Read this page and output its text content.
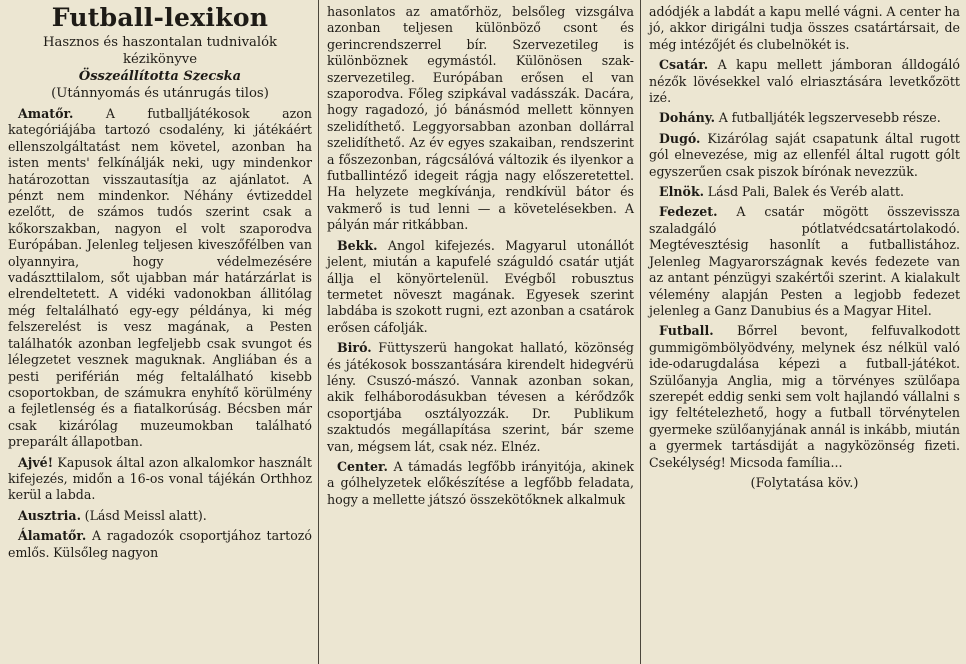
Futball-lexikon

Hasznos és haszontalan tudnivalók

kézikönyve

Összeállította Szecska

(Utánnyomás és utánrugás tilos)

Amatőr. A futballjátékosok azon kategóriájába tartozó csodalény, ki játékáért ellenszolgáltatást nem követel, azonban ha isten ments' felkínálják neki, ugy mindenkor határozottan visszautasítja az ajánlatot. A pénzt nem mindenkor. Néhány évtizeddel ezelőtt, de számos tudós szerint csak a kőkorszakban, nagyon el volt szaporodva Európában. Jelenleg teljesen kiveszőfélben van olyannyira, hogy védelmezésére vadászttilalom, sőt ujabban már határzárlat is elrendeltetett. A vidéki vadonokban állitólag még feltalálható egy-egy példánya, ki még felszerelést is vesz magának, a Pesten találhatók azonban legfeljebb csak svungot és lélegzetet vesznek maguknak. Angliában és a pesti periférián még feltalálható kisebb csoportokban, de számukra enyhítő körülmény a fejletlenség és a fiatalkorúság. Bécsben már csak kizárólag muzeumokban található preparált állapotban.

Ajvé! Kapusok által azon alkalomkor használt kifejezés, midőn a 16-os vonal tájékán Orthhoz kerül a labda.

Ausztria. (Lásd Meissl alatt).

Álamatőr. A ragadozók csoportjához tartozó emlős. Külsőleg nagyon

hasonlatos az amatőrhöz, belsőleg vizsgálva azonban teljesen különböző csont és gerincrendszerrel bír. Szervezetileg is különböznek egymástól. Különösen szak-szervezetileg. Európában erősen el van szaporodva. Főleg szipkával vadásszák. Dacára, hogy ragadozó, jó bánásmód mellett könnyen szelidíthető. Leggyorsabban azonban dollárral szelidíthető. Az év egyes szakaiban, rendszerint a főszezonban, rágcsálóvá változik és ilyenkor a futballintéző idegeit rágja nagy előszeretettel. Ha helyzete megkívánja, rendkívül bátor és vakmerő is tud lenni — a követelésekben. A pályán már ritkábban.

Bekk. Angol kifejezés. Magyarul utonállót jelent, miután a kapufelé száguldó csatár utját állja el könyörtelenül. Evégből robusztus termetet növeszt magának. Egyesek szerint labdába is szokott rugni, ezt azonban a csatárok erősen cáfolják.

Biró. Füttyszerü hangokat hallató, közönség és játékosok bosszantására kirendelt hidegvérü lény. Csuszó-mászó. Vannak azonban sokan, akik felháborodásukban tévesen a kérődzők csoportjába osztályozzák. Dr. Publikum szaktudós megállapítása szerint, bár szeme van, mégsem lát, csak néz. Elnéz.

Center. A támadás legfőbb irányitója, akinek a gólhelyzetek előkészítése a legfőbb feladata, hogy a mellette játszó összekötőknek alkalmuk

adódjék a labdát a kapu mellé vágni. A center ha jó, akkor dirigálni tudja összes csatártársait, de még intézőjét és clubelnökét is.

Csatár. A kapu mellett jámboran álldogáló nézők lövésekkel való elriasztására levetkőzött izé.

Dohány. A futballjáték legszervesebb része.

Dugó. Kizárólag saját csapatunk által rugott gól elnevezése, mig az ellenfél által rugott gólt egyszerűen csak piszok bírónak nevezzük.

Elnök. Lásd Pali, Balek és Veréb alatt.

Fedezet. A csatár mögött összevissza szaladgáló pótlatvédcsatártolakodó. Megtévesztésig hasonlít a futballistához. Jelenleg Magyarországnak kevés fedezete van az antant pénzügyi szakértői szerint. A kialakult vélemény alapján Pesten a legjobb fedezet jelenleg a Ganz Danubius és a Magyar Hitel.

Futball. Bőrrel bevont, felfuvalkodott gummigömbölyödvény, melynek ész nélkül való ide-odarugdalása képezi a futball-játékot. Szülőanyja Anglia, mig a törvényes szülőapa szerepét eddig senki sem volt hajlandó vállalni s igy feltételezhető, hogy a futball törvénytelen gyermeke szülőanyjának annál is inkább, miután a gyermek tartásdiját a nagyközönség fizeti. Csekélység! Micsoda família...

(Folytatása köv.)
